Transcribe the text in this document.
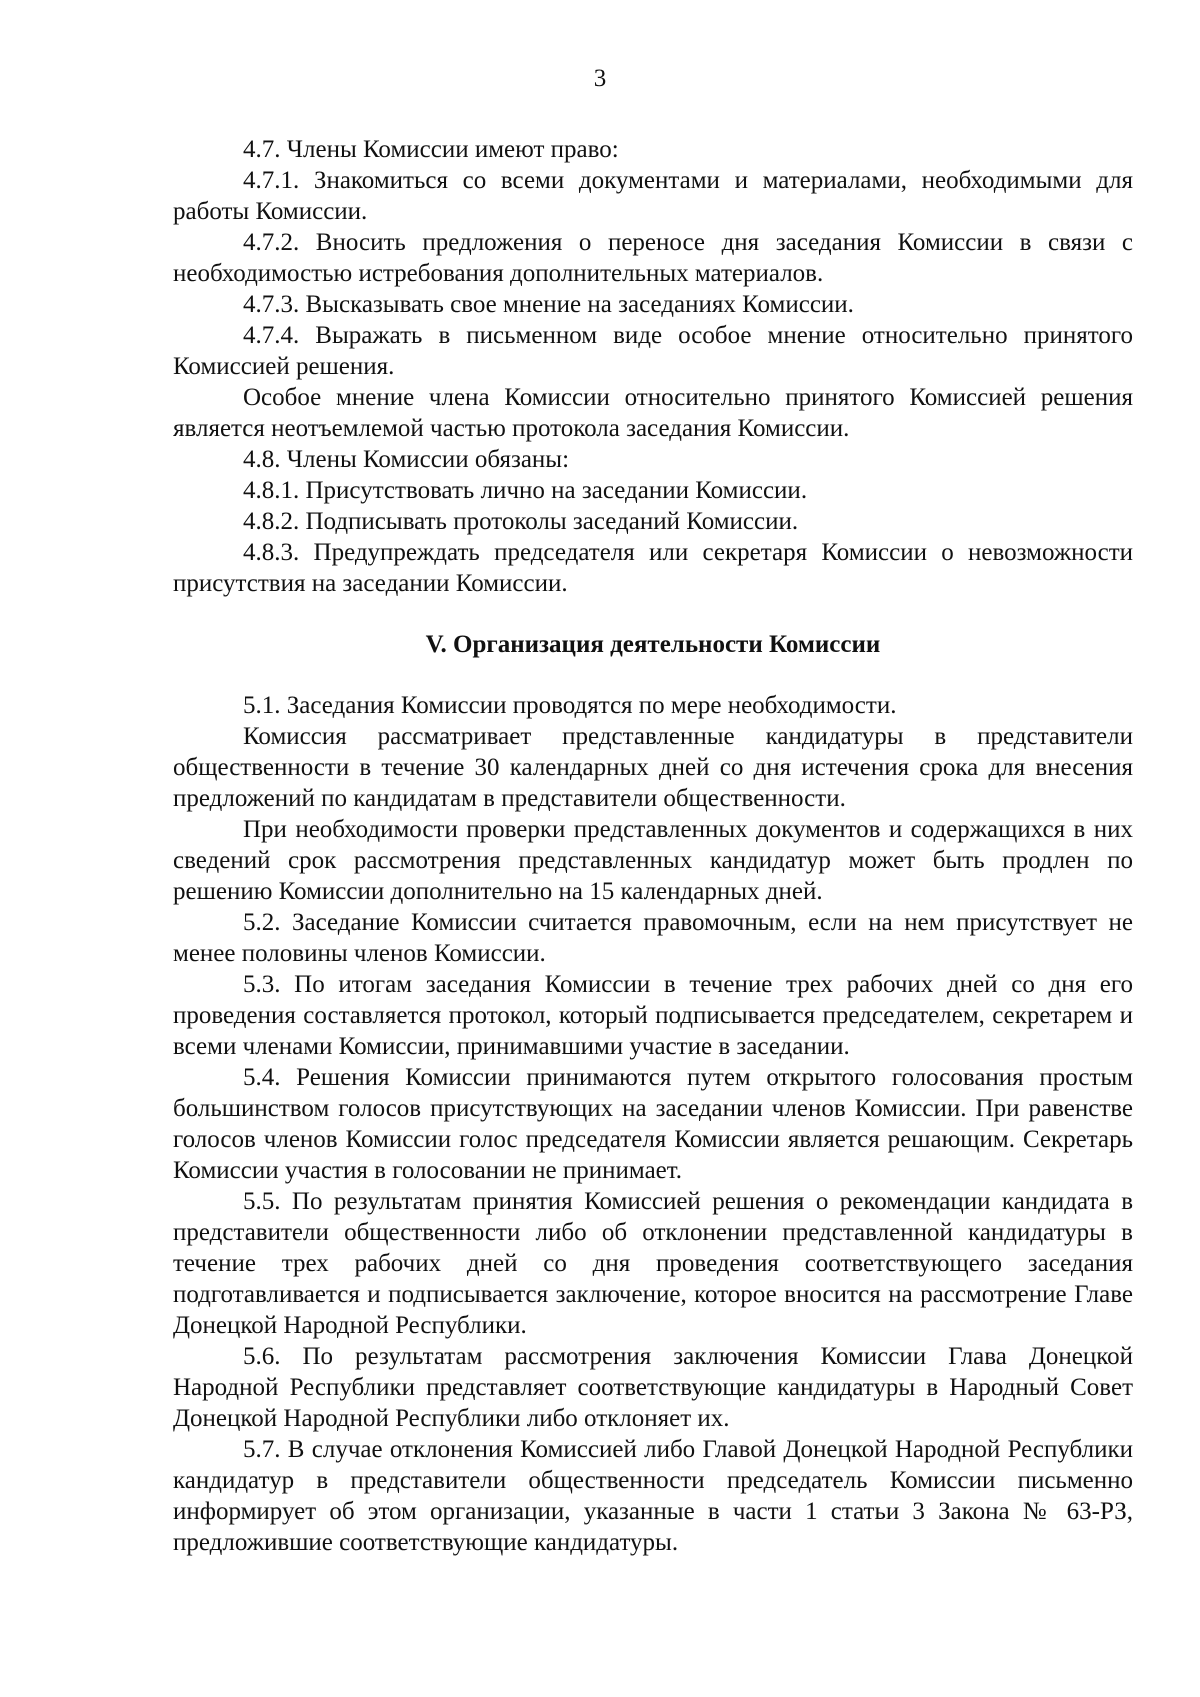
3

4.7. Члены Комиссии имеют право:

4.7.1. Знакомиться со всеми документами и материалами, необходимыми для работы Комиссии.

4.7.2. Вносить предложения о переносе дня заседания Комиссии в связи с необходимостью истребования дополнительных материалов.

4.7.3. Высказывать свое мнение на заседаниях Комиссии.

4.7.4. Выражать в письменном виде особое мнение относительно принятого Комиссией решения.

Особое мнение члена Комиссии относительно принятого Комиссией решения является неотъемлемой частью протокола заседания Комиссии.

4.8. Члены Комиссии обязаны:

4.8.1. Присутствовать лично на заседании Комиссии.

4.8.2. Подписывать протоколы заседаний Комиссии.

4.8.3. Предупреждать председателя или секретаря Комиссии о невозможности присутствия на заседании Комиссии.

V. Организация деятельности Комиссии

5.1. Заседания Комиссии проводятся по мере необходимости.

Комиссия рассматривает представленные кандидатуры в представители общественности в течение 30 календарных дней со дня истечения срока для внесения предложений по кандидатам в представители общественности.

При необходимости проверки представленных документов и содержащихся в них сведений срок рассмотрения представленных кандидатур может быть продлен по решению Комиссии дополнительно на 15 календарных дней.

5.2. Заседание Комиссии считается правомочным, если на нем присутствует не менее половины членов Комиссии.

5.3. По итогам заседания Комиссии в течение трех рабочих дней со дня его проведения составляется протокол, который подписывается председателем, секретарем и всеми членами Комиссии, принимавшими участие в заседании.

5.4. Решения Комиссии принимаются путем открытого голосования простым большинством голосов присутствующих на заседании членов Комиссии. При равенстве голосов членов Комиссии голос председателя Комиссии является решающим. Секретарь Комиссии участия в голосовании не принимает.

5.5. По результатам принятия Комиссией решения о рекомендации кандидата в представители общественности либо об отклонении представленной кандидатуры в течение трех рабочих дней со дня проведения соответствующего заседания подготавливается и подписывается заключение, которое вносится на рассмотрение Главе Донецкой Народной Республики.

5.6. По результатам рассмотрения заключения Комиссии Глава Донецкой Народной Республики представляет соответствующие кандидатуры в Народный Совет Донецкой Народной Республики либо отклоняет их.

5.7. В случае отклонения Комиссией либо Главой Донецкой Народной Республики кандидатур в представители общественности председатель Комиссии письменно информирует об этом организации, указанные в части 1 статьи 3 Закона № 63-РЗ, предложившие соответствующие кандидатуры.
